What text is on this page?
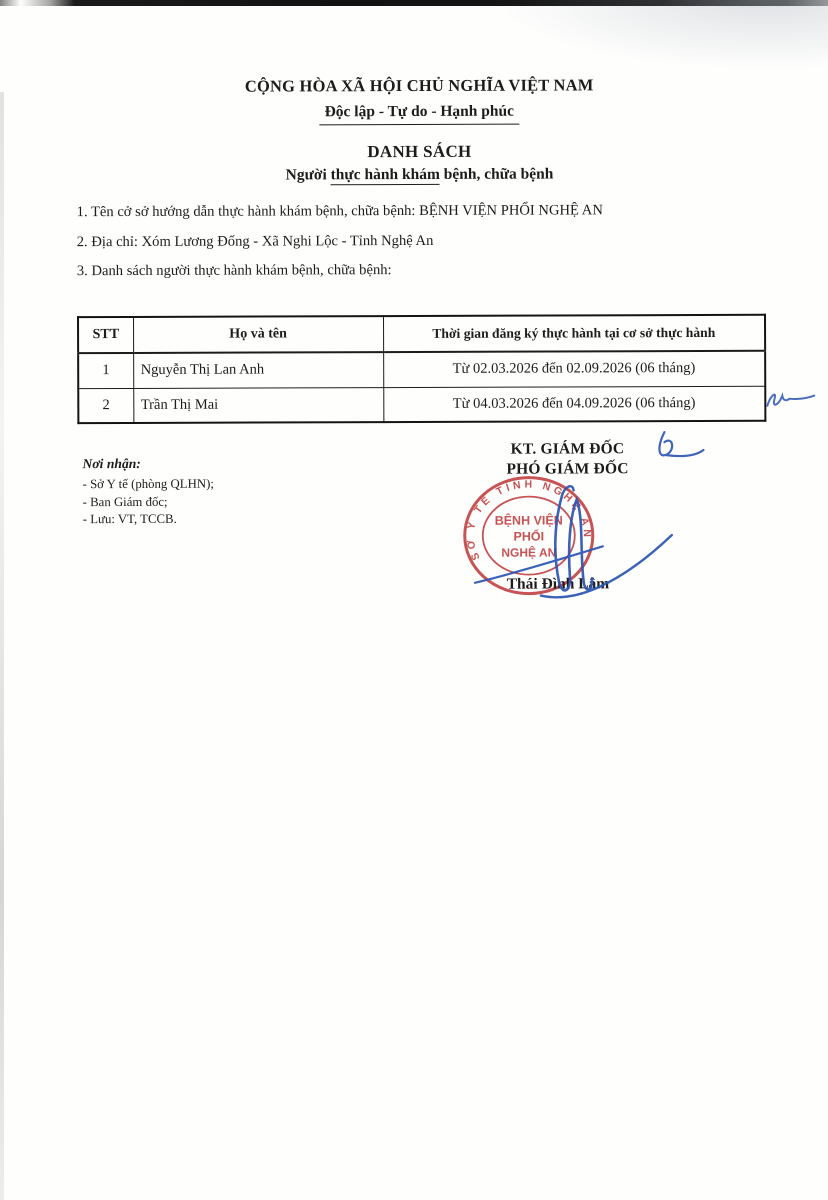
CỘNG HÒA XÃ HỘI CHỦ NGHĨA VIỆT NAM
Độc lập - Tự do - Hạnh phúc
DANH SÁCH
Người thực hành khám bệnh, chữa bệnh
1. Tên cở sở hướng dẫn thực hành khám bệnh, chữa bệnh: BỆNH VIỆN PHỔI NGHỆ AN
2. Địa chỉ: Xóm Lương Đống - Xã Nghi Lộc - Tỉnh Nghệ An
3. Danh sách người thực hành khám bệnh, chữa bệnh:
STT	Họ và tên	Thời gian đăng ký thực hành tại cơ sở thực hành
1	Nguyễn Thị Lan Anh	Từ 02.03.2026 đến 02.09.2026 (06 tháng)
2	Trần Thị Mai	Từ 04.03.2026 đến 04.09.2026 (06 tháng)
Nơi nhận:
- Sở Y tế (phòng QLHN);
- Ban Giám đốc;
- Lưu: VT, TCCB.
KT. GIÁM ĐỐC
PHÓ GIÁM ĐỐC
SỞ Y TẾ TỈNH NGHỆ AN
BỆNH VIỆN
PHỔI
NGHỆ AN
Thái Đình Lâm
